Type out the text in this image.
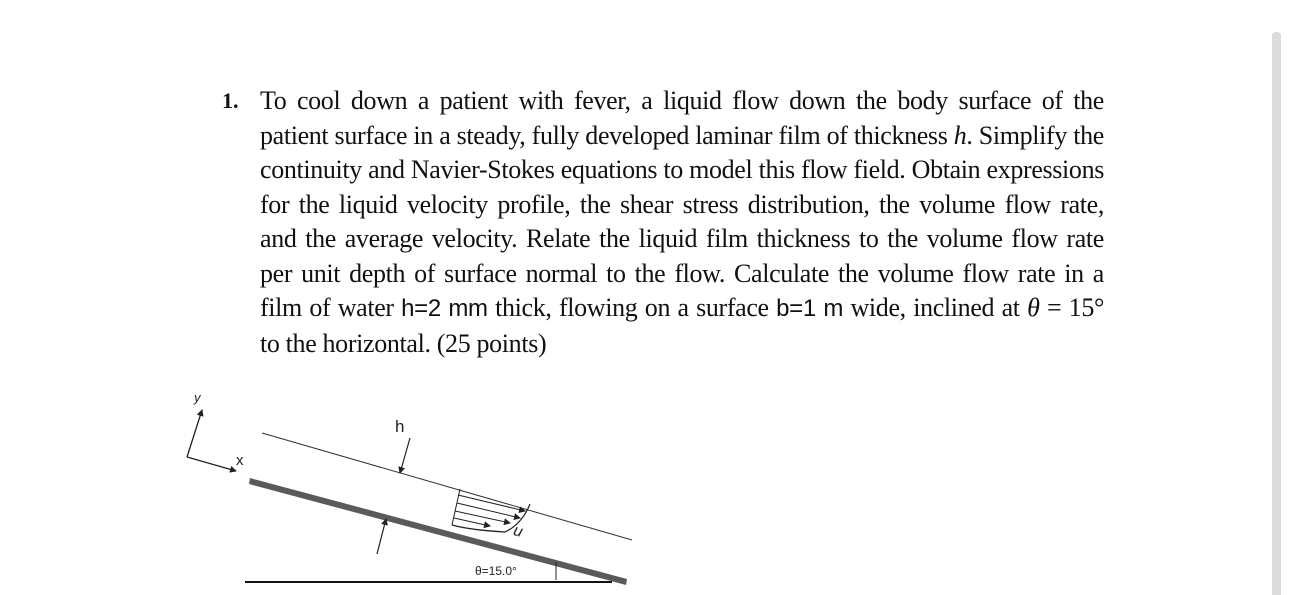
1. To cool down a patient with fever, a liquid flow down the body surface of the patient surface in a steady, fully developed laminar film of thickness h. Simplify the continuity and Navier-Stokes equations to model this flow field. Obtain expressions for the liquid velocity profile, the shear stress distribution, the volume flow rate, and the average velocity. Relate the liquid film thickness to the volume flow rate per unit depth of surface normal to the flow. Calculate the volume flow rate in a film of water h=2 mm thick, flowing on a surface b=1 m wide, inclined at θ = 15° to the horizontal. (25 points)
y
x
h
u
θ=15.0°
